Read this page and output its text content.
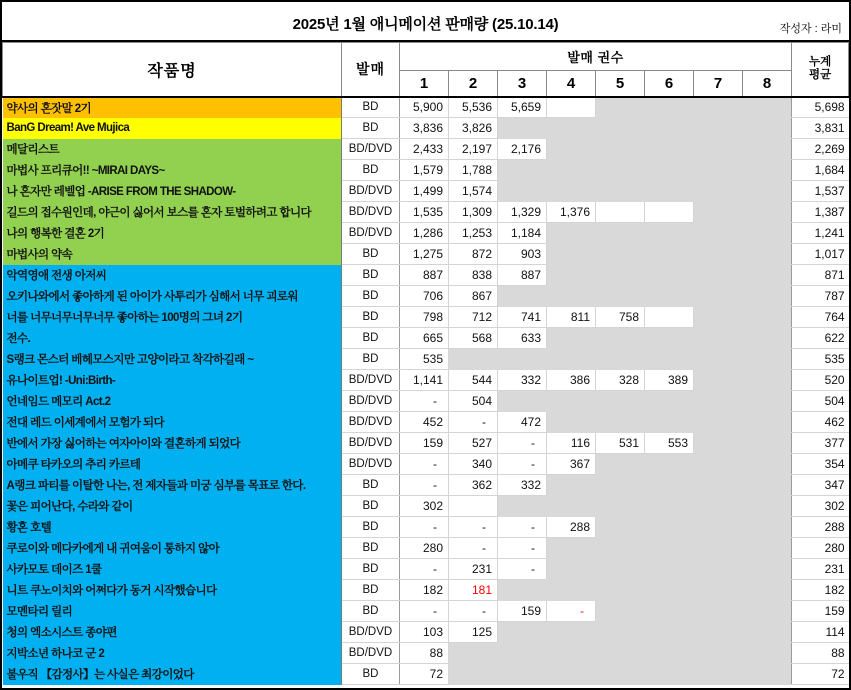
2025년 1월 애니메이션 판매량 (25.10.14)	작성자 : 라미
작품명	발매	발매 권수								누계
평균

		1	2	3	4	5	6	7	8	
약사의 혼잣말 2기	BD	5,900	5,536	5,659						5,698
BanG Dream! Ave Mujica	BD	3,836	3,826							3,831
메달리스트	BD/DVD	2,433	2,197	2,176						2,269
마법사 프리큐어!! ~MIRAI DAYS~	BD	1,579	1,788							1,684
나 혼자만 레벨업 -ARISE FROM THE SHADOW-	BD/DVD	1,499	1,574							1,537
길드의 접수원인데, 야근이 싫어서 보스를 혼자 토벌하려고 합니다	BD/DVD	1,535	1,309	1,329	1,376					1,387
나의 행복한 결혼 2기	BD/DVD	1,286	1,253	1,184						1,241
마법사의 약속	BD	1,275	872	903						1,017
악역영애 전생 아저씨	BD	887	838	887						871
오키나와에서 좋아하게 된 아이가 사투리가 심해서 너무 괴로워	BD	706	867							787
너를 너무너무너무너무 좋아하는 100명의 그녀 2기	BD	798	712	741	811	758				764
전수.	BD	665	568	633						622
S랭크 몬스터 베헤모스지만 고양이라고 착각하길래 ~	BD	535								535
유나이트업! -Uni:Birth-	BD/DVD	1,141	544	332	386	328	389			520
언네임드 메모리 Act.2	BD/DVD	-	504							504
전대 레드 이세계에서 모험가 되다	BD/DVD	452	-	472						462
반에서 가장 싫어하는 여자아이와 결혼하게 되었다	BD/DVD	159	527	-	116	531	553			377
아메쿠 타카오의 추리 카르테	BD/DVD	-	340	-	367					354
A랭크 파티를 이탈한 나는, 전 제자들과 미궁 심부를 목표로 한다.	BD	-	362	332						347
꽃은 피어난다, 수라와 같이	BD	302								302
황혼 호텔	BD	-	-	-	288					288
쿠로이와 메다카에게 내 귀여움이 통하지 않아	BD	280	-	-						280
사카모토 데이즈 1쿨	BD	-	231	-						231
니트 쿠노이치와 어쩌다가 동거 시작했습니다	BD	182	181							182
모멘타리 릴리	BD	-	-	159	-					159
청의 엑소시스트 종야편	BD/DVD	103	125							114
지박소년 하나코 군 2	BD/DVD	88								88
불우직 【감정사】는 사실은 최강이었다	BD	72								72
